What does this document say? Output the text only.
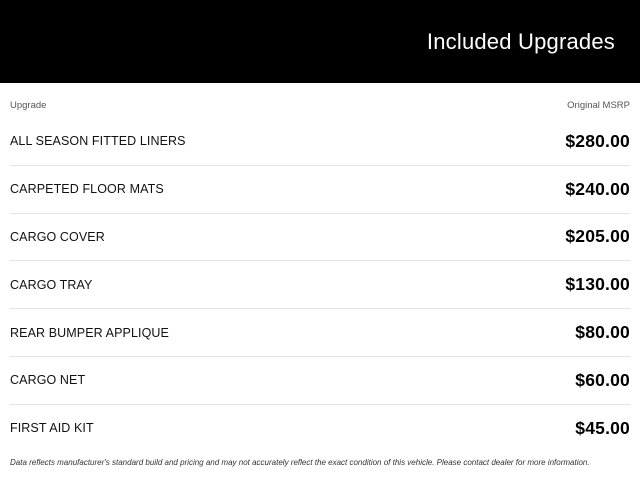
Included Upgrades
Upgrade	Original MSRP
ALL SEASON FITTED LINERS	$280.00
CARPETED FLOOR MATS	$240.00
CARGO COVER	$205.00
CARGO TRAY	$130.00
REAR BUMPER APPLIQUE	$80.00
CARGO NET	$60.00
FIRST AID KIT	$45.00
Data reflects manufacturer's standard build and pricing and may not accurately reflect the exact condition of this vehicle. Please contact dealer for more information.
